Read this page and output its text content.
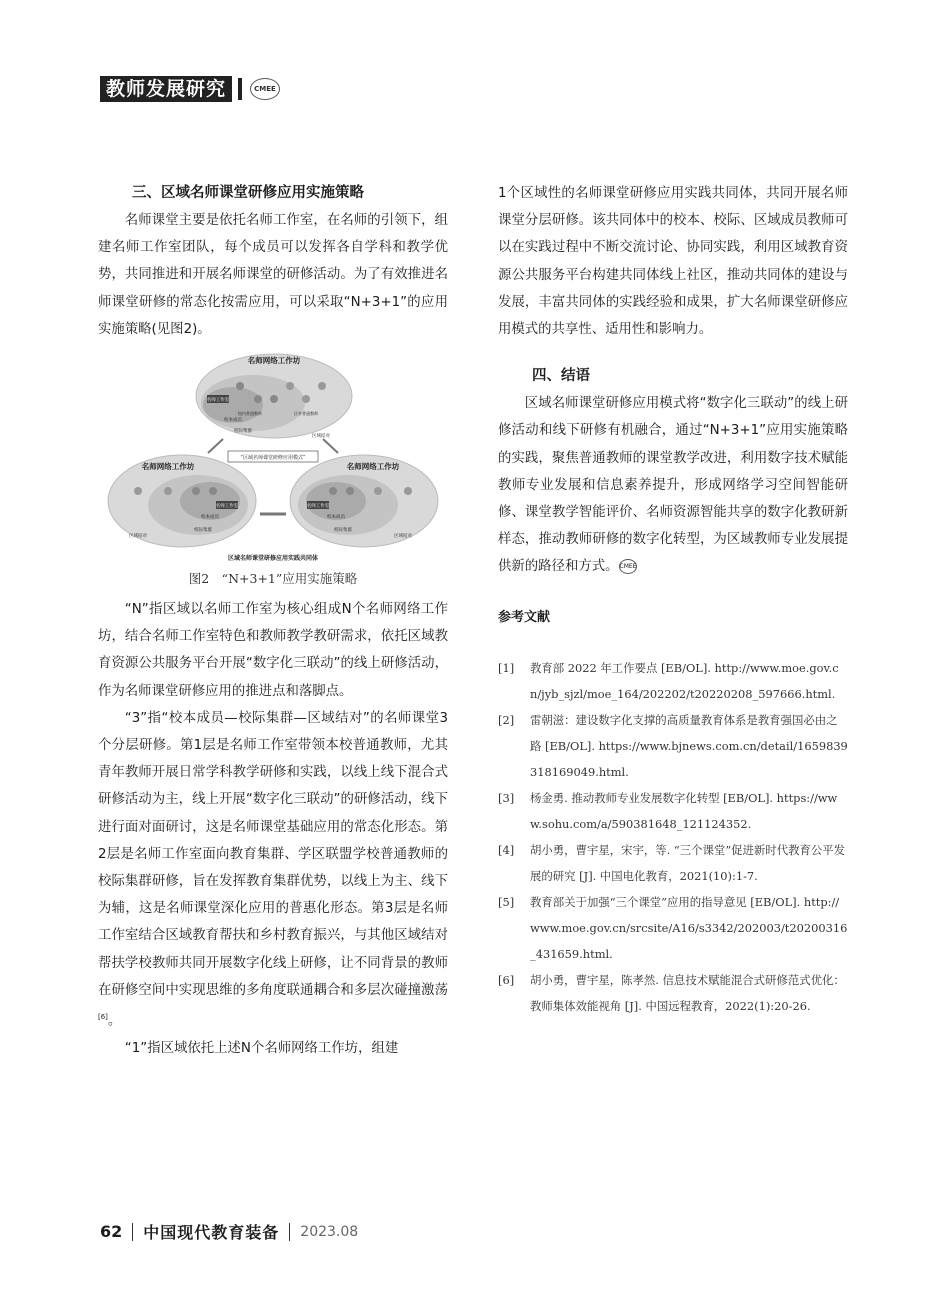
教师发展研究	CMEE
三、区域名师课堂研修应用实施策略

名师课堂主要是依托名师工作室，在名师的引领下，组建名师工作室团队，每个成员可以发挥各自学科和教学优势，共同推进和开展名师课堂的研修活动。为了有效推进名师课堂研修的常态化按需应用，可以采取“N+3+1”的应用实施策略(见图2)。

名师网络工作坊
名师工作室
校本成员
校际集群
区域结对
校内普通教师	区外普通教师
“区域名师课堂研修应用模式”
名师网络工作坊
名师工作室
校本成员
校际集群
区域结对
名师网络工作坊
名师工作室
校本成员
校际集群
区域结对
区域名师课堂研修应用实践共同体
图2　“N+3+1”应用实施策略

“N”指区域以名师工作室为核心组成N个名师网络工作坊，结合名师工作室特色和教师教学教研需求，依托区域教育资源公共服务平台开展“数字化三联动”的线上研修活动，作为名师课堂研修应用的推进点和落脚点。

“3”指“校本成员—校际集群—区域结对”的名师课堂3个分层研修。第1层是名师工作室带领本校普通教师，尤其青年教师开展日常学科教学研修和实践，以线上线下混合式研修活动为主，线上开展“数字化三联动”的研修活动，线下进行面对面研讨，这是名师课堂基础应用的常态化形态。第2层是名师工作室面向教育集群、学区联盟学校普通教师的校际集群研修，旨在发挥教育集群优势，以线上为主、线下为辅，这是名师课堂深化应用的普惠化形态。第3层是名师工作室结合区域教育帮扶和乡村教育振兴，与其他区域结对帮扶学校教师共同开展数字化线上研修，让不同背景的教师在研修空间中实现思维的多角度联通耦合和多层次碰撞激荡[6]。

“1”指区域依托上述N个名师网络工作坊，组建

1个区域性的名师课堂研修应用实践共同体，共同开展名师课堂分层研修。该共同体中的校本、校际、区域成员教师可以在实践过程中不断交流讨论、协同实践，利用区域教育资源公共服务平台构建共同体线上社区，推动共同体的建设与发展，丰富共同体的实践经验和成果，扩大名师课堂研修应用模式的共享性、适用性和影响力。

四、结语

区域名师课堂研修应用模式将“数字化三联动”的线上研修活动和线下研修有机融合，通过“N+3+1”应用实施策略的实践，聚焦普通教师的课堂教学改进，利用数字技术赋能教师专业发展和信息素养提升，形成网络学习空间智能研修、课堂教学智能评价、名师资源智能共享的数字化教研新样态，推动教师研修的数字化转型，为区域教师专业发展提供新的路径和方式。CMEE

参考文献
[1]	教育部 2022 年工作要点 [EB/OL]. http://www.moe.gov.cn/jyb_sjzl/moe_164/202202/t20220208_597666.html.
[2]	雷朝滋：建设数字化支撑的高质量教育体系是教育强国必由之路 [EB/OL]. https://www.bjnews.com.cn/detail/1659839318169049.html.
[3]	杨金勇. 推动教师专业发展数字化转型 [EB/OL]. https://www.sohu.com/a/590381648_121124352.
[4]	胡小勇，曹宇星，宋宇，等. “三个课堂”促进新时代教育公平发展的研究 [J]. 中国电化教育，2021(10):1-7.
[5]	教育部关于加强“三个课堂”应用的指导意见 [EB/OL]. http://www.moe.gov.cn/srcsite/A16/s3342/202003/t20200316_431659.html.
[6]	胡小勇，曹宇星，陈孝然. 信息技术赋能混合式研修范式优化：教师集体效能视角 [J]. 中国远程教育，2022(1):20-26.
62 中国现代教育装备 2023.08
